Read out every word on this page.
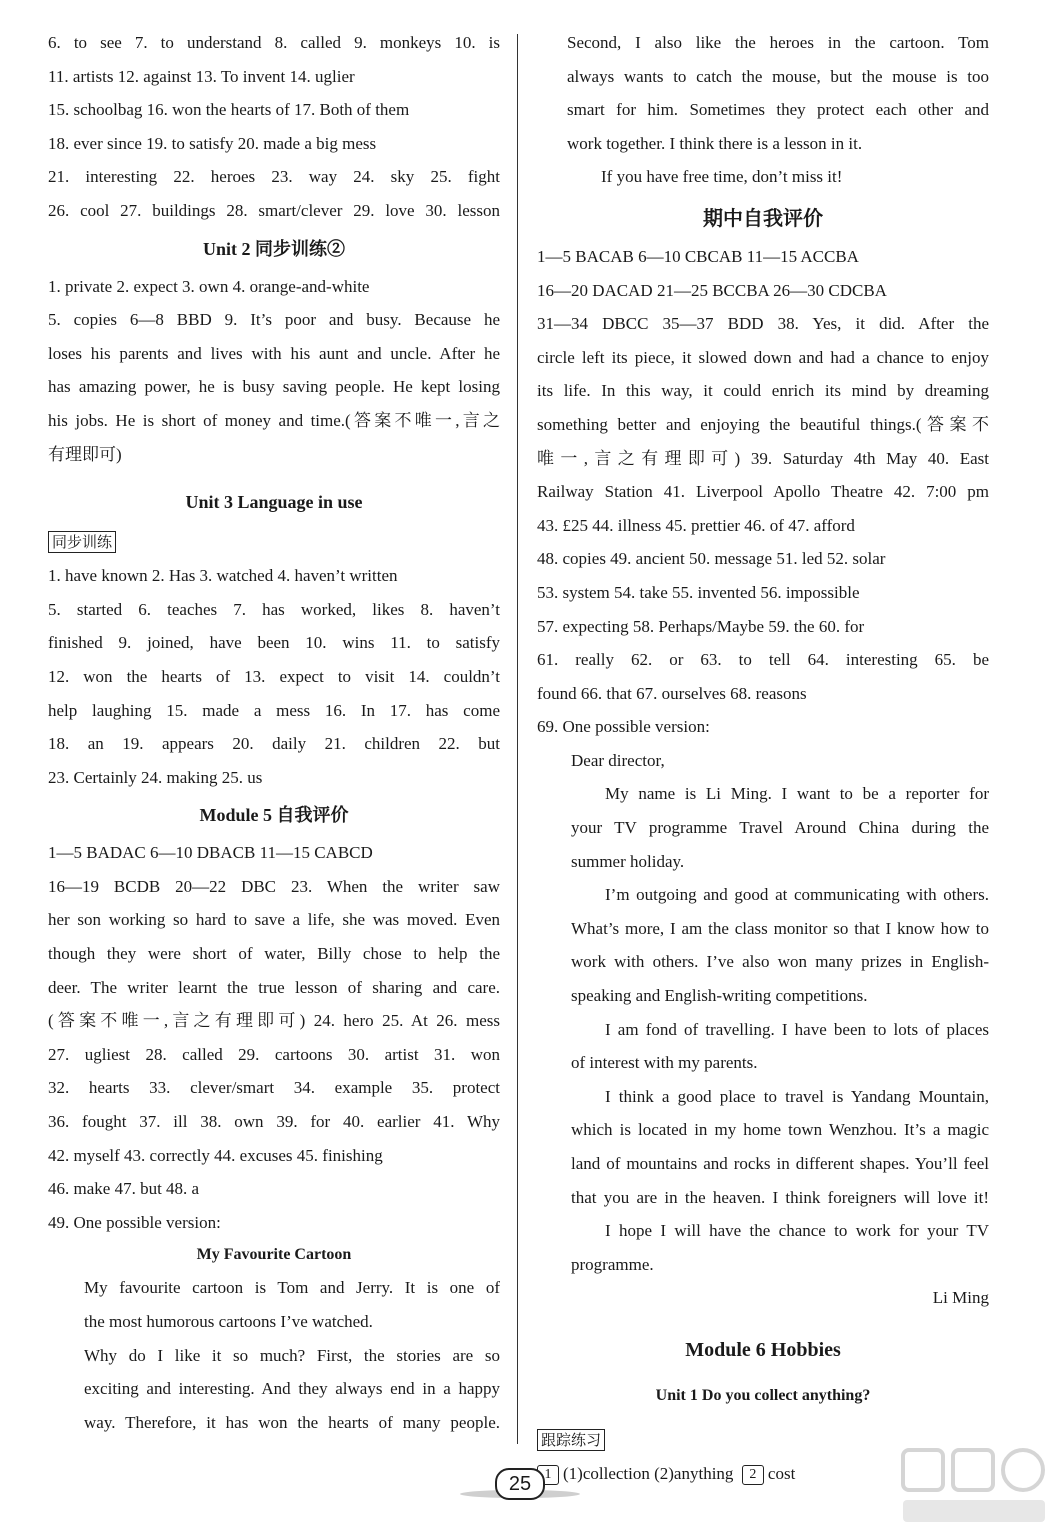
6. to see 7. to understand 8. called 9. monkeys 10. is
11. artists 12. against 13. To invent 14. uglier
15. schoolbag 16. won the hearts of 17. Both of them
18. ever since 19. to satisfy 20. made a big mess
21. interesting 22. heroes 23. way 24. sky 25. fight
26. cool 27. buildings 28. smart/clever 29. love 30. lesson
Unit 2 同步训练②
1. private 2. expect 3. own 4. orange-and-white
5. copies 6—8 BBD 9. It’s poor and busy. Because he
loses his parents and lives with his aunt and uncle. After he
has amazing power, he is busy saving people. He kept losing
his jobs. He is short of money and time.(答案不唯一,言之
有理即可)
Unit 3 Language in use
同步训练
1. have known 2. Has 3. watched 4. haven’t written
5. started 6. teaches 7. has worked, likes 8. haven’t
finished 9. joined, have been 10. wins 11. to satisfy
12. won the hearts of 13. expect to visit 14. couldn’t
help laughing 15. made a mess 16. In 17. has come
18. an 19. appears 20. daily 21. children 22. but
23. Certainly 24. making 25. us
Module 5 自我评价
1—5 BADAC 6—10 DBACB 11—15 CABCD
16—19 BCDB 20—22 DBC 23. When the writer saw
her son working so hard to save a life, she was moved. Even
though they were short of water, Billy chose to help the
deer. The writer learnt the true lesson of sharing and care.
(答案不唯一,言之有理即可) 24. hero 25. At 26. mess
27. ugliest 28. called 29. cartoons 30. artist 31. won
32. hearts 33. clever/smart 34. example 35. protect
36. fought 37. ill 38. own 39. for 40. earlier 41. Why
42. myself 43. correctly 44. excuses 45. finishing
46. make 47. but 48. a
49. One possible version:
My Favourite Cartoon
My favourite cartoon is Tom and Jerry. It is one of
the most humorous cartoons I’ve watched.
Why do I like it so much? First, the stories are so
exciting and interesting. And they always end in a happy
way. Therefore, it has won the hearts of many people.
Second, I also like the heroes in the cartoon. Tom
always wants to catch the mouse, but the mouse is too
smart for him. Sometimes they protect each other and
work together. I think there is a lesson in it.
If you have free time, don’t miss it!
期中自我评价
1—5 BACAB 6—10 CBCAB 11—15 ACCBA
16—20 DACAD 21—25 BCCBA 26—30 CDCBA
31—34 DBCC 35—37 BDD 38. Yes, it did. After the
circle left its piece, it slowed down and had a chance to enjoy
its life. In this way, it could enrich its mind by dreaming
something better and enjoying the beautiful things.(答案不
唯一,言之有理即可) 39. Saturday 4th May 40. East
Railway Station 41. Liverpool Apollo Theatre 42. 7:00 pm
43. £25 44. illness 45. prettier 46. of 47. afford
48. copies 49. ancient 50. message 51. led 52. solar
53. system 54. take 55. invented 56. impossible
57. expecting 58. Perhaps/Maybe 59. the 60. for
61. really 62. or 63. to tell 64. interesting 65. be
found 66. that 67. ourselves 68. reasons
69. One possible version:
Dear director,
My name is Li Ming. I want to be a reporter for
your TV programme Travel Around China during the
summer holiday.
I’m outgoing and good at communicating with others.
What’s more, I am the class monitor so that I know how to
work with others. I’ve also won many prizes in English-
speaking and English-writing competitions.
I am fond of travelling. I have been to lots of places
of interest with my parents.
I think a good place to travel is Yandang Mountain,
which is located in my home town Wenzhou. It’s a magic
land of mountains and rocks in different shapes. You’ll feel
that you are in the heaven. I think foreigners will love it!
I hope I will have the chance to work for your TV
programme.
Li Ming
Module 6 Hobbies
Unit 1 Do you collect anything?
跟踪练习
1 (1)collection (2)anything 2 cost
25
